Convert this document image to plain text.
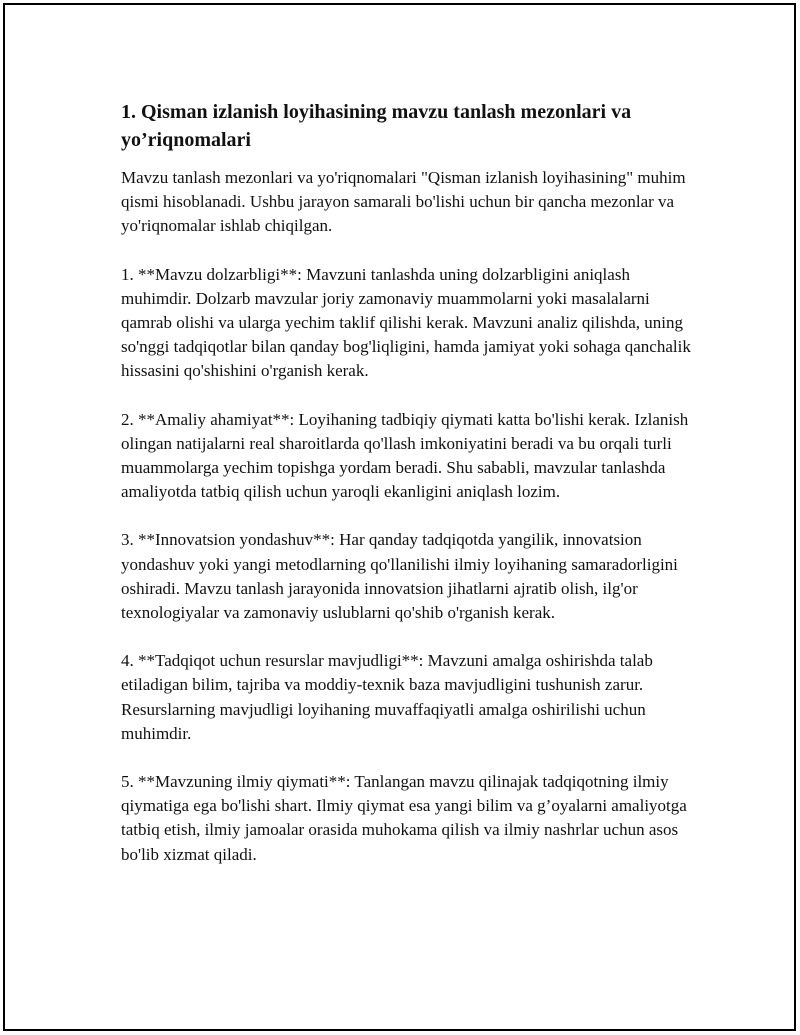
1. Qisman izlanish loyihasining mavzu tanlash mezonlari va yo’riqnomalari

Mavzu tanlash mezonlari va yo'riqnomalari "Qisman izlanish loyihasining" muhim qismi hisoblanadi. Ushbu jarayon samarali bo'lishi uchun bir qancha mezonlar va yo'riqnomalar ishlab chiqilgan.

1. **Mavzu dolzarbligi**: Mavzuni tanlashda uning dolzarbligini aniqlash muhimdir. Dolzarb mavzular joriy zamonaviy muammolarni yoki masalalarni qamrab olishi va ularga yechim taklif qilishi kerak. Mavzuni analiz qilishda, uning so'nggi tadqiqotlar bilan qanday bog'liqligini, hamda jamiyat yoki sohaga qanchalik hissasini qo'shishini o'rganish kerak.

2. **Amaliy ahamiyat**: Loyihaning tadbiqiy qiymati katta bo'lishi kerak. Izlanish olingan natijalarni real sharoitlarda qo'llash imkoniyatini beradi va bu orqali turli muammolarga yechim topishga yordam beradi. Shu sababli, mavzular tanlashda amaliyotda tatbiq qilish uchun yaroqli ekanligini aniqlash lozim.

3. **Innovatsion yondashuv**: Har qanday tadqiqotda yangilik, innovatsion yondashuv yoki yangi metodlarning qo'llanilishi ilmiy loyihaning samaradorligini oshiradi. Mavzu tanlash jarayonida innovatsion jihatlarni ajratib olish, ilg'or texnologiyalar va zamonaviy uslublarni qo'shib o'rganish kerak.

4. **Tadqiqot uchun resurslar mavjudligi**: Mavzuni amalga oshirishda talab etiladigan bilim, tajriba va moddiy-texnik baza mavjudligini tushunish zarur. Resurslarning mavjudligi loyihaning muvaffaqiyatli amalga oshirilishi uchun muhimdir.

5. **Mavzuning ilmiy qiymati**: Tanlangan mavzu qilinajak tadqiqotning ilmiy qiymatiga ega bo'lishi shart. Ilmiy qiymat esa yangi bilim va g’oyalarni amaliyotga tatbiq etish, ilmiy jamoalar orasida muhokama qilish va ilmiy nashrlar uchun asos bo'lib xizmat qiladi.
